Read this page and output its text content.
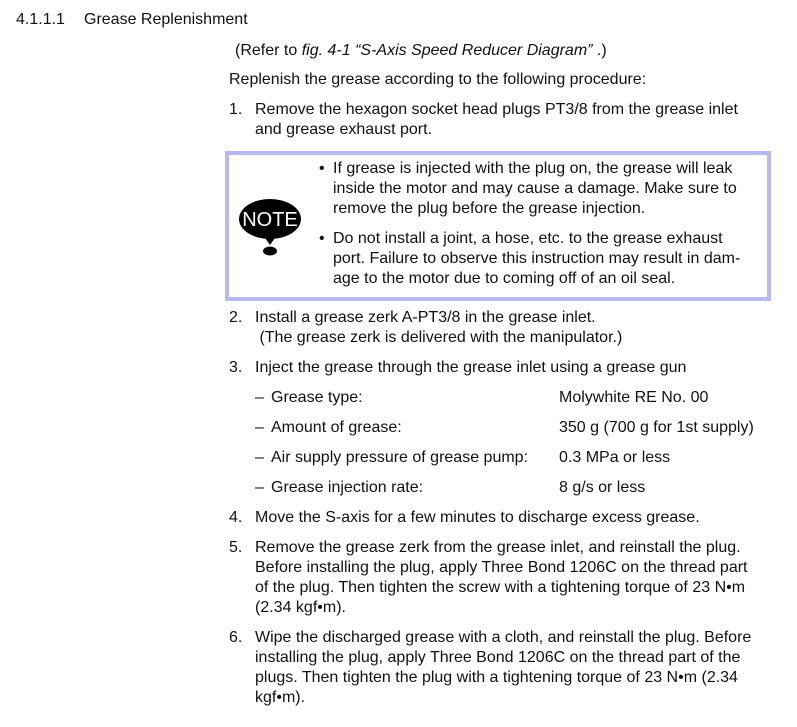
4.1.1.1 Grease Replenishment
(Refer to fig. 4-1 “S-Axis Speed Reducer Diagram” .)
Replenish the grease according to the following procedure:
1. Remove the hexagon socket head plugs PT3/8 from the grease inlet
and grease exhaust port.
NOTE
• If grease is injected with the plug on, the grease will leak
inside the motor and may cause a damage. Make sure to
remove the plug before the grease injection.
• Do not install a joint, a hose, etc. to the grease exhaust
port. Failure to observe this instruction may result in dam-
age to the motor due to coming off of an oil seal.
2. Install a grease zerk A-PT3/8 in the grease inlet.
(The grease zerk is delivered with the manipulator.)
3. Inject the grease through the grease inlet using a grease gun
– Grease type:	Molywhite RE No. 00
– Amount of grease:	350 g (700 g for 1st supply)
– Air supply pressure of grease pump: 0.3 MPa or less
– Grease injection rate:	8 g/s or less
4. Move the S-axis for a few minutes to discharge excess grease.
5. Remove the grease zerk from the grease inlet, and reinstall the plug.
Before installing the plug, apply Three Bond 1206C on the thread part
of the plug. Then tighten the screw with a tightening torque of 23 N•m
(2.34 kgf•m).
6. Wipe the discharged grease with a cloth, and reinstall the plug. Before
installing the plug, apply Three Bond 1206C on the thread part of the
plugs. Then tighten the plug with a tightening torque of 23 N•m (2.34
kgf•m).
